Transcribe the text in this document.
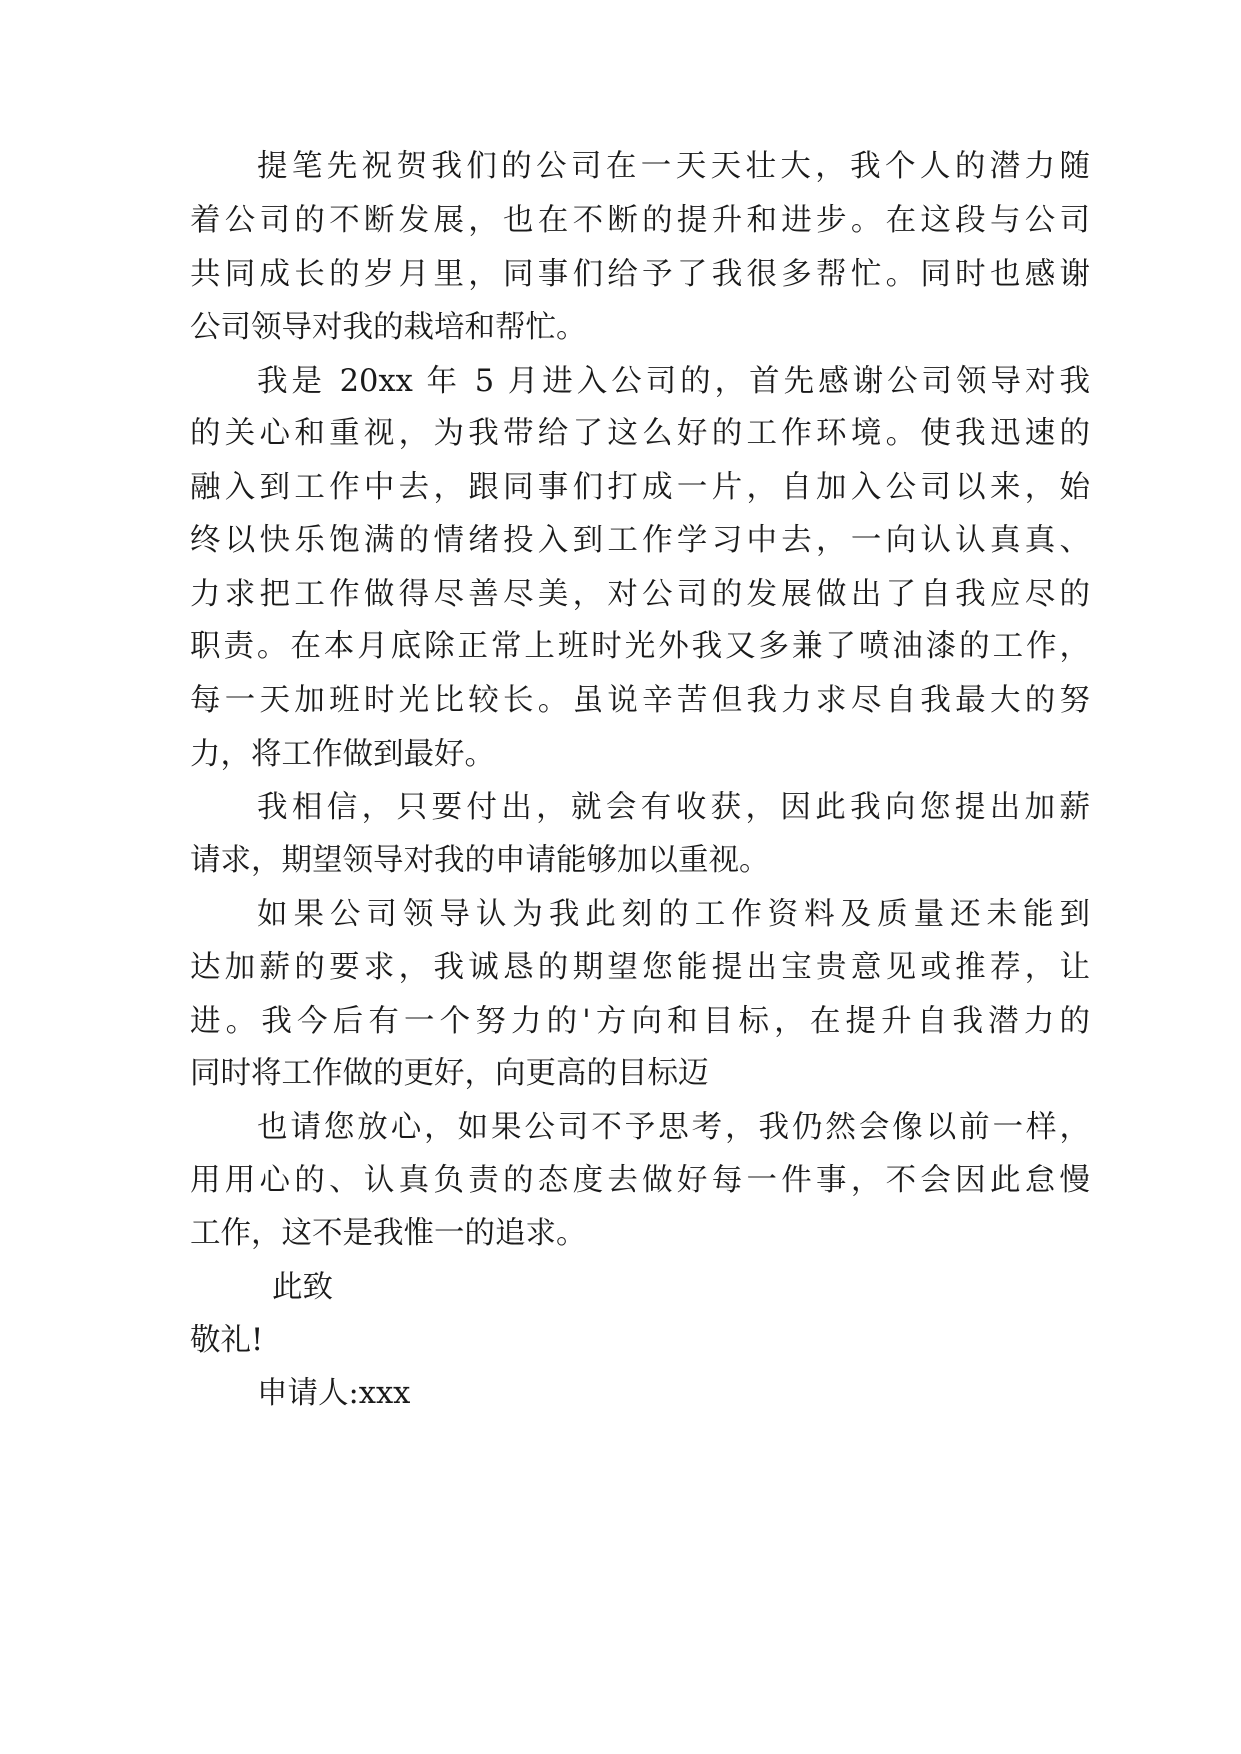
提笔先祝贺我们的公司在一天天壮大，我个人的潜力随
着公司的不断发展，也在不断的提升和进步。在这段与公司
共同成长的岁月里，同事们给予了我很多帮忙。同时也感谢
公司领导对我的栽培和帮忙。
我是 20xx 年 5 月进入公司的，首先感谢公司领导对我
的关心和重视，为我带给了这么好的工作环境。使我迅速的
融入到工作中去，跟同事们打成一片，自加入公司以来，始
终以快乐饱满的情绪投入到工作学习中去，一向认认真真、
力求把工作做得尽善尽美，对公司的发展做出了自我应尽的
职责。在本月底除正常上班时光外我又多兼了喷油漆的工作，
每一天加班时光比较长。虽说辛苦但我力求尽自我最大的努
力，将工作做到最好。
我相信，只要付出，就会有收获，因此我向您提出加薪
请求，期望领导对我的申请能够加以重视。
如果公司领导认为我此刻的工作资料及质量还未能到
达加薪的要求，我诚恳的期望您能提出宝贵意见或推荐，让
进。我今后有一个努力的'方向和目标，在提升自我潜力的
同时将工作做的更好，向更高的目标迈
也请您放心，如果公司不予思考，我仍然会像以前一样，
用用心的、认真负责的态度去做好每一件事，不会因此怠慢
工作，这不是我惟一的追求。
此致
敬礼!
申请人:xxx
